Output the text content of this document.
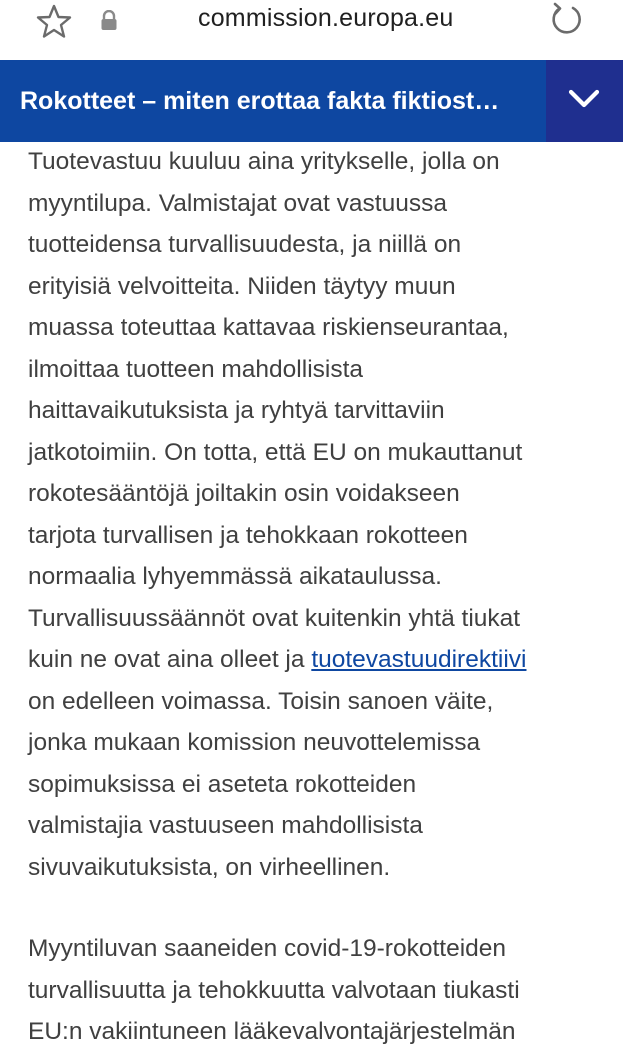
commission.europa.eu
Rokotteet – miten erottaa fakta fiktiost…

Tuotevastuu kuuluu aina yritykselle, jolla on
myyntilupa. Valmistajat ovat vastuussa
tuotteidensa turvallisuudesta, ja niillä on
erityisiä velvoitteita. Niiden täytyy muun
muassa toteuttaa kattavaa riskienseurantaa,
ilmoittaa tuotteen mahdollisista
haittavaikutuksista ja ryhtyä tarvittaviin
jatkotoimiin. On totta, että EU on mukauttanut
rokotesääntöjä joiltakin osin voidakseen
tarjota turvallisen ja tehokkaan rokotteen
normaalia lyhyemmässä aikataulussa.
Turvallisuussäännöt ovat kuitenkin yhtä tiukat
kuin ne ovat aina olleet ja tuotevastuudirektiivi
on edelleen voimassa. Toisin sanoen väite,
jonka mukaan komission neuvottelemissa
sopimuksissa ei aseteta rokotteiden
valmistajia vastuuseen mahdollisista
sivuvaikutuksista, on virheellinen.

Myyntiluvan saaneiden covid-19-rokotteiden
turvallisuutta ja tehokkuutta valvotaan tiukasti
EU:n vakiintuneen lääkevalvontajärjestelmän
